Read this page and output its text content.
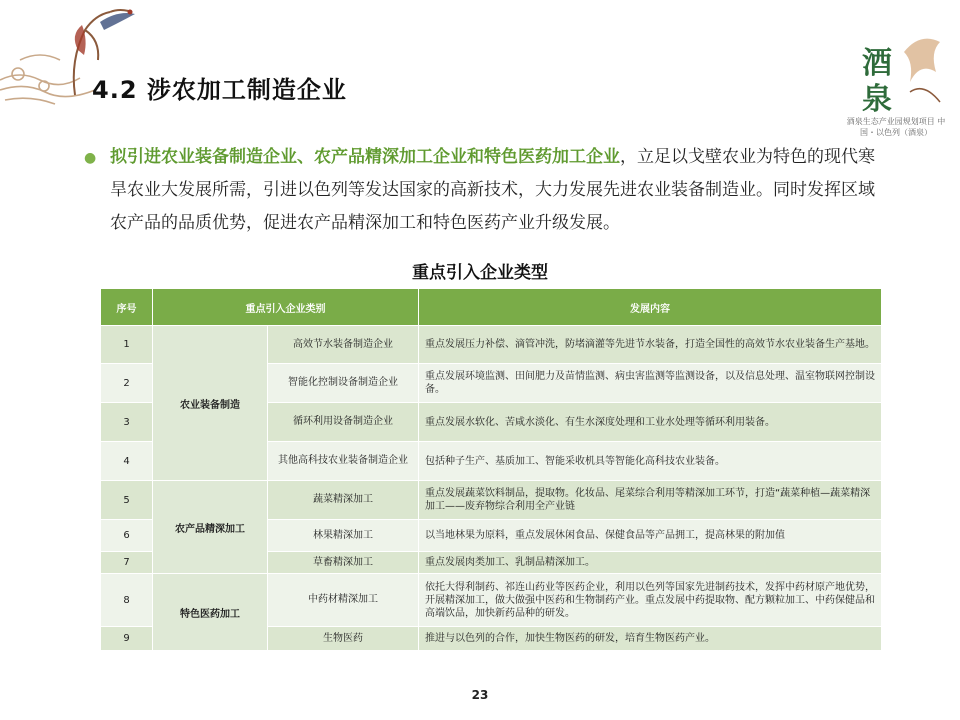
酒
泉
酒泉生态产业园规划项目 中国・以色列（酒泉）
4.2 涉农加工制造企业
● 拟引进农业装备制造企业、农产品精深加工企业和特色医药加工企业，立足以戈壁农业为特色的现代寒旱农业大发展所需，引进以色列等发达国家的高新技术，大力发展先进农业装备制造业。同时发挥区域农产品的品质优势，促进农产品精深加工和特色医药产业升级发展。
重点引入企业类型
序号	重点引入企业类别		发展内容
1	农业装备制造	高效节水装备制造企业	重点发展压力补偿、滴管冲洗，防堵滴灌等先进节水装备，打造全国性的高效节水农业装备生产基地。
2		智能化控制设备制造企业	重点发展环境监测、田间肥力及苗情监测、病虫害监测等监测设备，以及信息处理、温室物联网控制设备。
3		循环利用设备制造企业	重点发展水软化、苦咸水淡化、有生水深度处理和工业水处理等循环利用装备。
4		其他高科技农业装备制造企业	包括种子生产、基质加工、智能采收机具等智能化高科技农业装备。
5	农产品精深加工	蔬菜精深加工	重点发展蔬菜饮料制品，提取物。化妆品、尾菜综合利用等精深加工环节，打造“蔬菜种植—蔬菜精深加工——废弃物综合利用全产业链
6		林果精深加工	以当地林果为原料，重点发展休闲食品、保健食品等产品拥工，提高林果的附加值
7		草畜精深加工	重点发展肉类加工、乳制品精深加工。
8	特色医药加工	中药材精深加工	依托大得利制药、祁连山药业等医药企业，利用以色列等国家先进制药技术，发挥中药材原产地优势，开展精深加工，做大做强中医药和生物制药产业。重点发展中药提取物、配方颗粒加工、中药保健品和高端饮品，加快新药品种的研发。
9		生物医药	推进与以色列的合作，加快生物医药的研发，培育生物医药产业。
23
